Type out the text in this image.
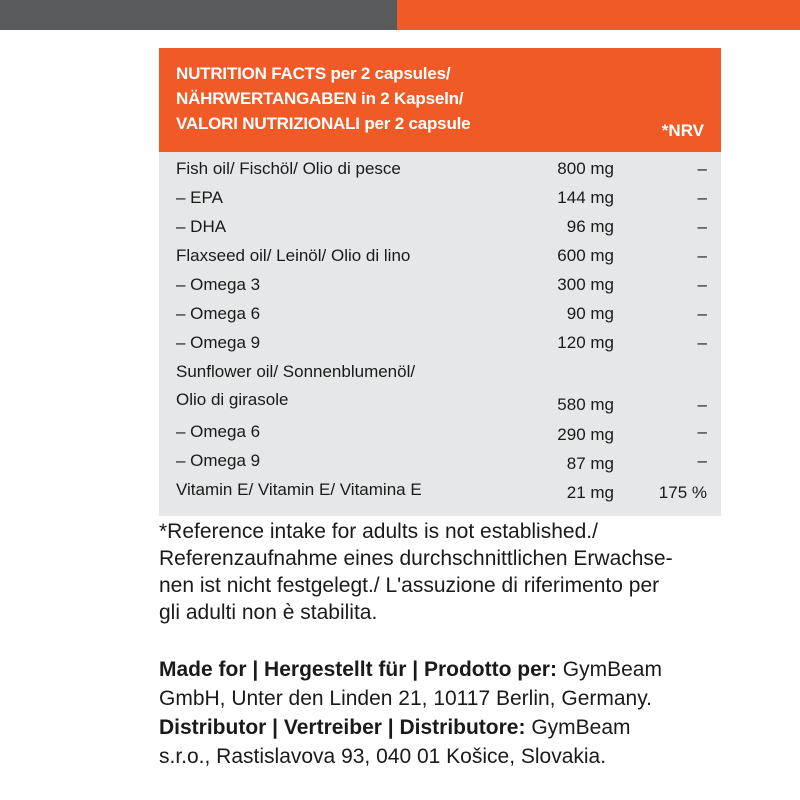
NUTRITION FACTS per 2 capsules/
NÄHRWERTANGABEN in 2 Kapseln/
VALORI NUTRIZIONALI per 2 capsule	*NRV
Fish oil/ Fischöl/ Olio di pesce	800 mg	–
– EPA	144 mg	–
– DHA	96 mg	–
Flaxseed oil/ Leinöl/ Olio di lino	600 mg	–
– Omega 3	300 mg	–
– Omega 6	90 mg	–
– Omega 9	120 mg	–
Sunflower oil/ Sonnenblumenöl/
Olio di girasole	580 mg	–
– Omega 6	290 mg	–
– Omega 9	87 mg	–
Vitamin E/ Vitamin E/ Vitamina E	21 mg	175 %
*Reference intake for adults is not established./
Referenzaufnahme eines durchschnittlichen Erwachse-
nen ist nicht festgelegt./ L'assuzione di riferimento per
gli adulti non è stabilita.
Made for | Hergestellt für | Prodotto per: GymBeam
GmbH, Unter den Linden 21, 10117 Berlin, Germany.
Distributor | Vertreiber | Distributore: GymBeam
s.r.o., Rastislavova 93, 040 01 Košice, Slovakia.
